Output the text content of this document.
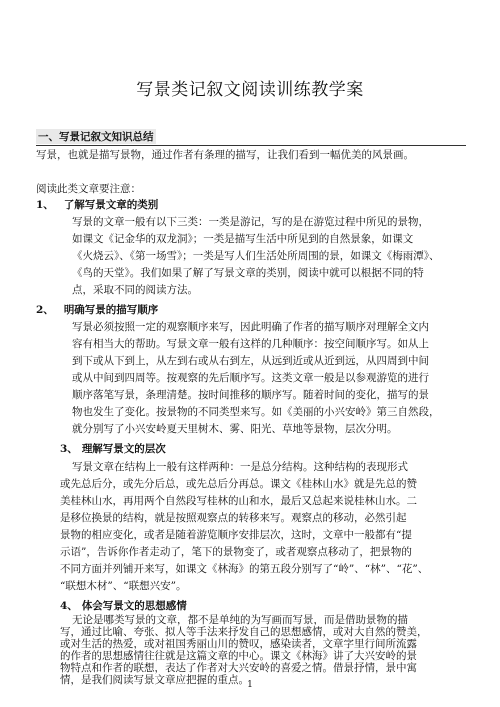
写景类记叙文阅读训练教学案
一、写景记叙文知识总结
写景，也就是描写景物，通过作者有条理的描写，让我们看到一幅优美的风景画。
阅读此类文章要注意：
1、 了解写景文章的类别
写景的文章一般有以下三类：一类是游记，写的是在游览过程中所见的景物，
如课文《记金华的双龙洞》；一类是描写生活中所见到的自然景象，如课文
《火烧云》、《第一场雪》；一类是写人们生活处所周围的景，如课文《梅雨潭》、
《鸟的天堂》。我们如果了解了写景文章的类别，阅读中就可以根据不同的特
点，采取不同的阅读方法。
2、 明确写景的描写顺序
写景必须按照一定的观察顺序来写，因此明确了作者的描写顺序对理解全文内
容有相当大的帮助。写景文章一般有这样的几种顺序：按空间顺序写。如从上
到下或从下到上，从左到右或从右到左，从远到近或从近到远，从四周到中间
或从中间到四周等。按观察的先后顺序写。这类文章一般是以参观游览的进行
顺序落笔写景，条理清楚。按时间推移的顺序写。随着时间的变化，描写的景
物也发生了变化。按景物的不同类型来写。如《美丽的小兴安岭》第三自然段，
就分别写了小兴安岭夏天里树木、雾、阳光、草地等景物，层次分明。
3、 理解写景文的层次
写景文章在结构上一般有这样两种：一是总分结构。这种结构的表现形式
或先总后分，或先分后总，或先总后分再总。课文《桂林山水》就是先总的赞
美桂林山水，再用两个自然段写桂林的山和水，最后又总起来说桂林山水。二
是移位换景的结构，就是按照观察点的转移来写。观察点的移动，必然引起
景物的相应变化，或者是随着游览顺序安排层次，这时，文章中一般都有“提
示语”，告诉你作者走动了，笔下的景物变了，或者观察点移动了，把景物的
不同方面并列铺开来写，如课文《林海》的第五段分别写了“岭”、“林”、“花”、
“联想木材”、“联想兴安”。
4、 体会写景文的思想感情
无论是哪类写景的文章，都不是单纯的为写画而写景，而是借助景物的描
写，通过比喻、夸张、拟人等手法来抒发自己的思想感情，或对大自然的赞美，
或对生活的热爱，或对祖国秀丽山川的赞叹，感染读者，文章字里行间所流露
的作者的思想感情往往就是这篇文章的中心。课文《林海》讲了大兴安岭的景
物特点和作者的联想，表达了作者对大兴安岭的喜爱之情。借景抒情，景中寓
情，是我们阅读写景文章应把握的重点。
1
